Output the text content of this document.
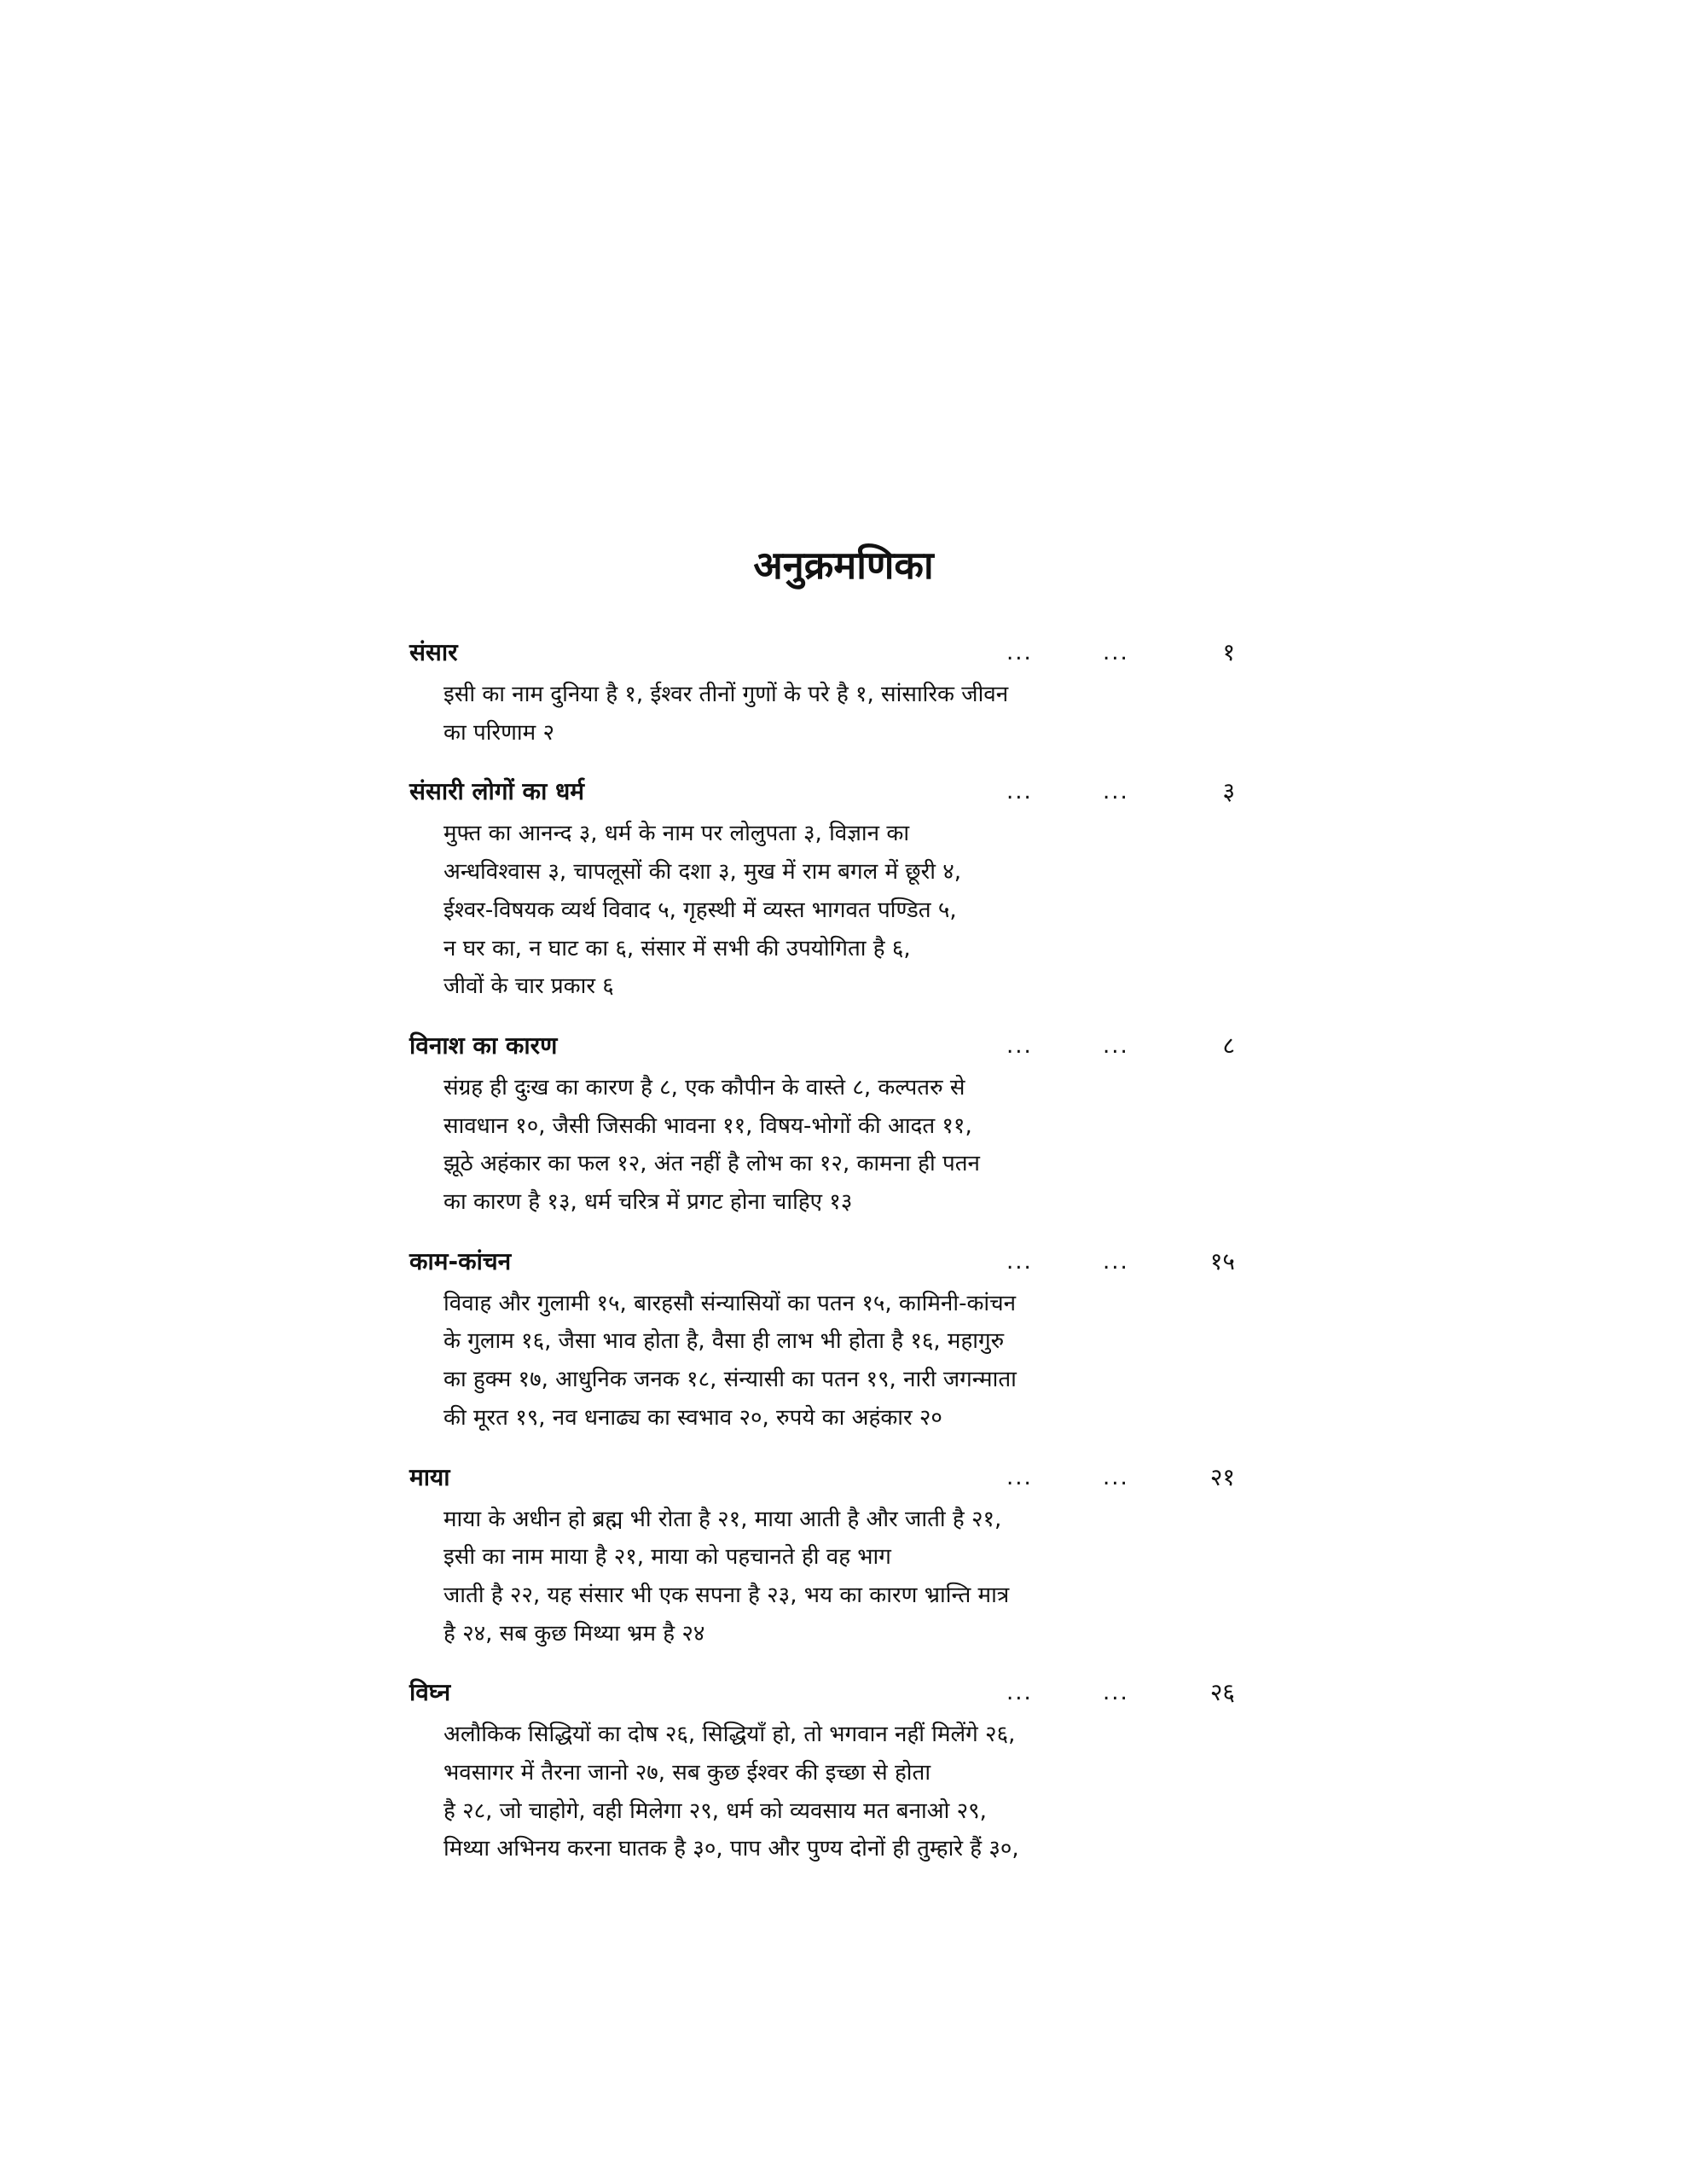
अनुक्रमणिका
संसार	...	...	१
इसी का नाम दुनिया है १, ईश्वर तीनों गुणों के परे है १, सांसारिक जीवन
का परिणाम २
संसारी लोगों का धर्म	...	...	३
मुफ्त का आनन्द ३, धर्म के नाम पर लोलुपता ३, विज्ञान का
अन्धविश्वास ३, चापलूसों की दशा ३, मुख में राम बगल में छूरी ४,
ईश्वर-विषयक व्यर्थ विवाद ५, गृहस्थी में व्यस्त भागवत पण्डित ५,
न घर का, न घाट का ६, संसार में सभी की उपयोगिता है ६,
जीवों के चार प्रकार ६
विनाश का कारण	...	...	८
संग्रह ही दुःख का कारण है ८, एक कौपीन के वास्ते ८, कल्पतरु से
सावधान १०, जैसी जिसकी भावना ११, विषय-भोगों की आदत ११,
झूठे अहंकार का फल १२, अंत नहीं है लोभ का १२, कामना ही पतन
का कारण है १३, धर्म चरित्र में प्रगट होना चाहिए १३
काम-कांचन	...	...	१५
विवाह और गुलामी १५, बारहसौ संन्यासियों का पतन १५, कामिनी-कांचन
के गुलाम १६, जैसा भाव होता है, वैसा ही लाभ भी होता है १६, महागुरु
का हुक्म १७, आधुनिक जनक १८, संन्यासी का पतन १९, नारी जगन्माता
की मूरत १९, नव धनाढ्य का स्वभाव २०, रुपये का अहंकार २०
माया	...	...	२१
माया के अधीन हो ब्रह्म भी रोता है २१, माया आती है और जाती है २१,
इसी का नाम माया है २१, माया को पहचानते ही वह भाग
जाती है २२, यह संसार भी एक सपना है २३, भय का कारण भ्रान्ति मात्र
है २४, सब कुछ मिथ्या भ्रम है २४
विघ्न	...	...	२६
अलौकिक सिद्धियों का दोष २६, सिद्धियाँ हो, तो भगवान नहीं मिलेंगे २६,
भवसागर में तैरना जानो २७, सब कुछ ईश्वर की इच्छा से होता
है २८, जो चाहोगे, वही मिलेगा २९, धर्म को व्यवसाय मत बनाओ २९,
मिथ्या अभिनय करना घातक है ३०, पाप और पुण्य दोनों ही तुम्हारे हैं ३०,
